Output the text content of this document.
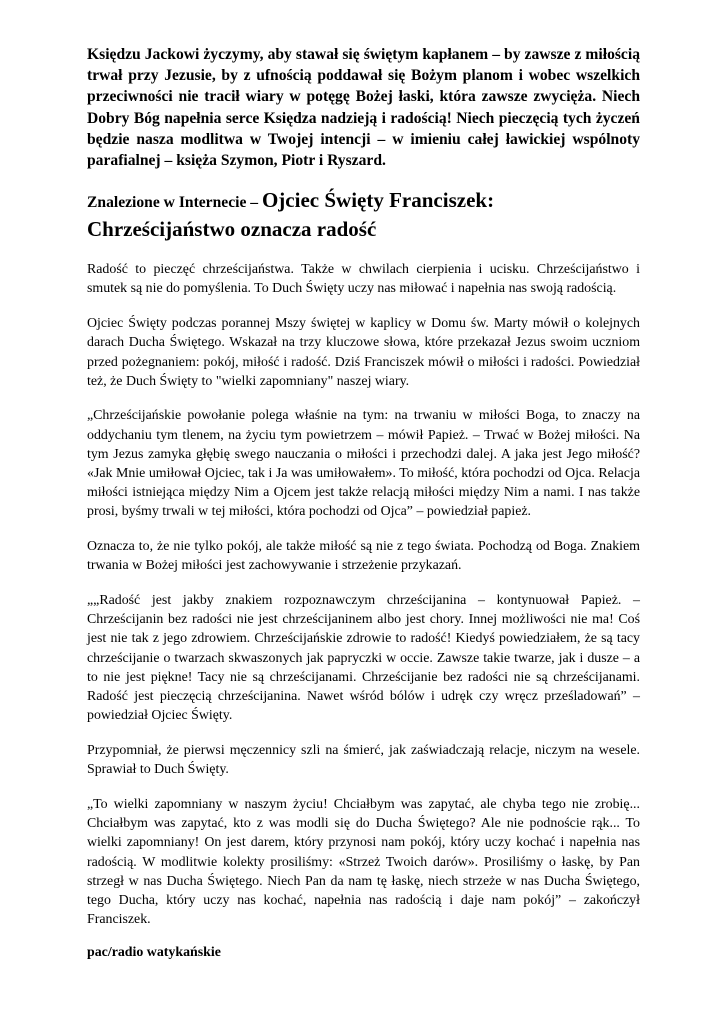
Księdzu Jackowi życzymy, aby stawał się świętym kapłanem – by zawsze z miłością trwał przy Jezusie, by z ufnością poddawał się Bożym planom i wobec wszelkich przeciwności nie tracił wiary w potęgę Bożej łaski, która zawsze zwycięża. Niech Dobry Bóg napełnia serce Księdza nadzieją i radością! Niech pieczęcią tych życzeń będzie nasza modlitwa w Twojej intencji – w imieniu całej ławickiej wspólnoty parafialnej – księża Szymon, Piotr i Ryszard.

Znalezione w Internecie – Ojciec Święty Franciszek: Chrześcijaństwo oznacza radość

Radość to pieczęć chrześcijaństwa. Także w chwilach cierpienia i ucisku. Chrześcijaństwo i smutek są nie do pomyślenia. To Duch Święty uczy nas miłować i napełnia nas swoją radością.

Ojciec Święty podczas porannej Mszy świętej w kaplicy w Domu św. Marty mówił o kolejnych darach Ducha Świętego. Wskazał na trzy kluczowe słowa, które przekazał Jezus swoim uczniom przed pożegnaniem: pokój, miłość i radość. Dziś Franciszek mówił o miłości i radości. Powiedział też, że Duch Święty to "wielki zapomniany" naszej wiary.

„Chrześcijańskie powołanie polega właśnie na tym: na trwaniu w miłości Boga, to znaczy na oddychaniu tym tlenem, na życiu tym powietrzem – mówił Papież. – Trwać w Bożej miłości. Na tym Jezus zamyka głębię swego nauczania o miłości i przechodzi dalej. A jaka jest Jego miłość? «Jak Mnie umiłował Ojciec, tak i Ja was umiłowałem». To miłość, która pochodzi od Ojca. Relacja miłości istniejąca między Nim a Ojcem jest także relacją miłości między Nim a nami. I nas także prosi, byśmy trwali w tej miłości, która pochodzi od Ojca” – powiedział papież.

Oznacza to, że nie tylko pokój, ale także miłość są nie z tego świata. Pochodzą od Boga. Znakiem trwania w Bożej miłości jest zachowywanie i strzeżenie przykazań.

„„Radość jest jakby znakiem rozpoznawczym chrześcijanina – kontynuował Papież. – Chrześcijanin bez radości nie jest chrześcijaninem albo jest chory. Innej możliwości nie ma! Coś jest nie tak z jego zdrowiem. Chrześcijańskie zdrowie to radość! Kiedyś powiedziałem, że są tacy chrześcijanie o twarzach skwaszonych jak papryczki w occie. Zawsze takie twarze, jak i dusze – a to nie jest piękne! Tacy nie są chrześcijanami. Chrześcijanie bez radości nie są chrześcijanami. Radość jest pieczęcią chrześcijanina. Nawet wśród bólów i udręk czy wręcz prześladowań” – powiedział Ojciec Święty.

Przypomniał, że pierwsi męczennicy szli na śmierć, jak zaświadczają relacje, niczym na wesele. Sprawiał to Duch Święty.

„To wielki zapomniany w naszym życiu! Chciałbym was zapytać, ale chyba tego nie zrobię... Chciałbym was zapytać, kto z was modli się do Ducha Świętego? Ale nie podnoście rąk... To wielki zapomniany! On jest darem, który przynosi nam pokój, który uczy kochać i napełnia nas radością. W modlitwie kolekty prosiliśmy: «Strzeż Twoich darów». Prosiliśmy o łaskę, by Pan strzegł w nas Ducha Świętego. Niech Pan da nam tę łaskę, niech strzeże w nas Ducha Świętego, tego Ducha, który uczy nas kochać, napełnia nas radością i daje nam pokój” – zakończył Franciszek.

pac/radio watykańskie
